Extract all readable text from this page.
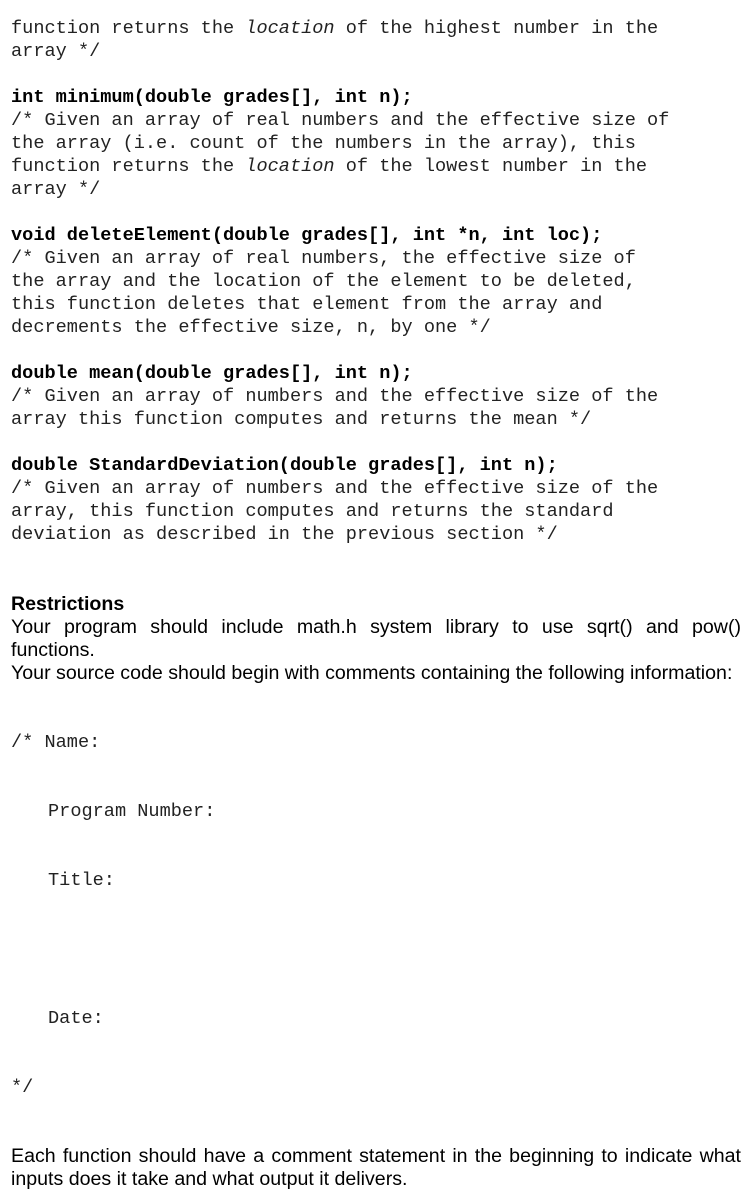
function returns the location of the highest number in the
array */
int minimum(double grades[], int n);
/* Given an array of real numbers and the effective size of
the array (i.e. count of the numbers in the array), this
function returns the location of the lowest number in the
array */
void deleteElement(double grades[], int *n, int loc);
/* Given an array of real numbers, the effective size of
the array and the location of the element to be deleted,
this function deletes that element from the array and
decrements the effective size, n, by one */
double mean(double grades[], int n);
/* Given an array of numbers and the effective size of the
array this function computes and returns the mean */
double StandardDeviation(double grades[], int n);
/* Given an array of numbers and the effective size of the
array, this function computes and returns the standard
deviation as described in the previous section */
Restrictions

Your program should include math.h system library to use sqrt() and pow() functions.

Your source code should begin with comments containing the following information:

/* Name:

Program Number:

Title:

Date:

*/

Each function should have a comment statement in the beginning to indicate what inputs does it take and what output it delivers.
